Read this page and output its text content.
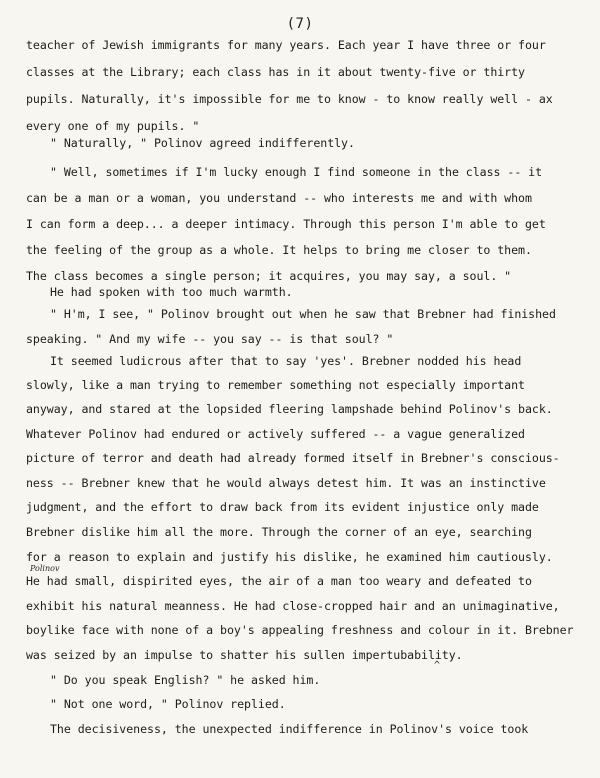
(7)
teacher of Jewish immigrants for many years. Each year I have three or four
classes at the Library; each class has in it about twenty-five or thirty
pupils. Naturally, it's impossible for me to know - to know really well - ax
every one of my pupils. "
" Naturally, " Polinov agreed indifferently.
" Well, sometimes if I'm lucky enough I find someone in the class -- it
can be a man or a woman, you understand -- who interests me and with whom
I can form a deep... a deeper intimacy. Through this person I'm able to get
the feeling of the group as a whole. It helps to bring me closer to them.
The class becomes a single person; it acquires, you may say, a soul. "
He had spoken with too much warmth.
" H'm, I see, " Polinov brought out when he saw that Brebner had finished
speaking. " And my wife -- you say -- is that soul? "
It seemed ludicrous after that to say 'yes'. Brebner nodded his head
slowly, like a man trying to remember something not especially important
anyway, and stared at the lopsided fleering lampshade behind Polinov's back.
Whatever Polinov had endured or actively suffered -- a vague generalized
picture of terror and death had already formed itself in Brebner's conscious-
ness -- Brebner knew that he would always detest him. It was an instinctive
judgment, and the effort to draw back from its evident injustice only made
Brebner dislike him all the more. Through the corner of an eye, searching
for a reason to explain and justify his dislike, he examined him cautiously.
He had small, dispirited eyes, the air of a man too weary and defeated to
exhibit his natural meanness. He had close-cropped hair and an unimaginative,
boylike face with none of a boy's appealing freshness and colour in it. Brebner
was seized by an impulse to shatter his sullen impertubability.
" Do you speak English? " he asked him.
" Not one word, " Polinov replied.
The decisiveness, the unexpected indifference in Polinov's voice took
Polinov
^
